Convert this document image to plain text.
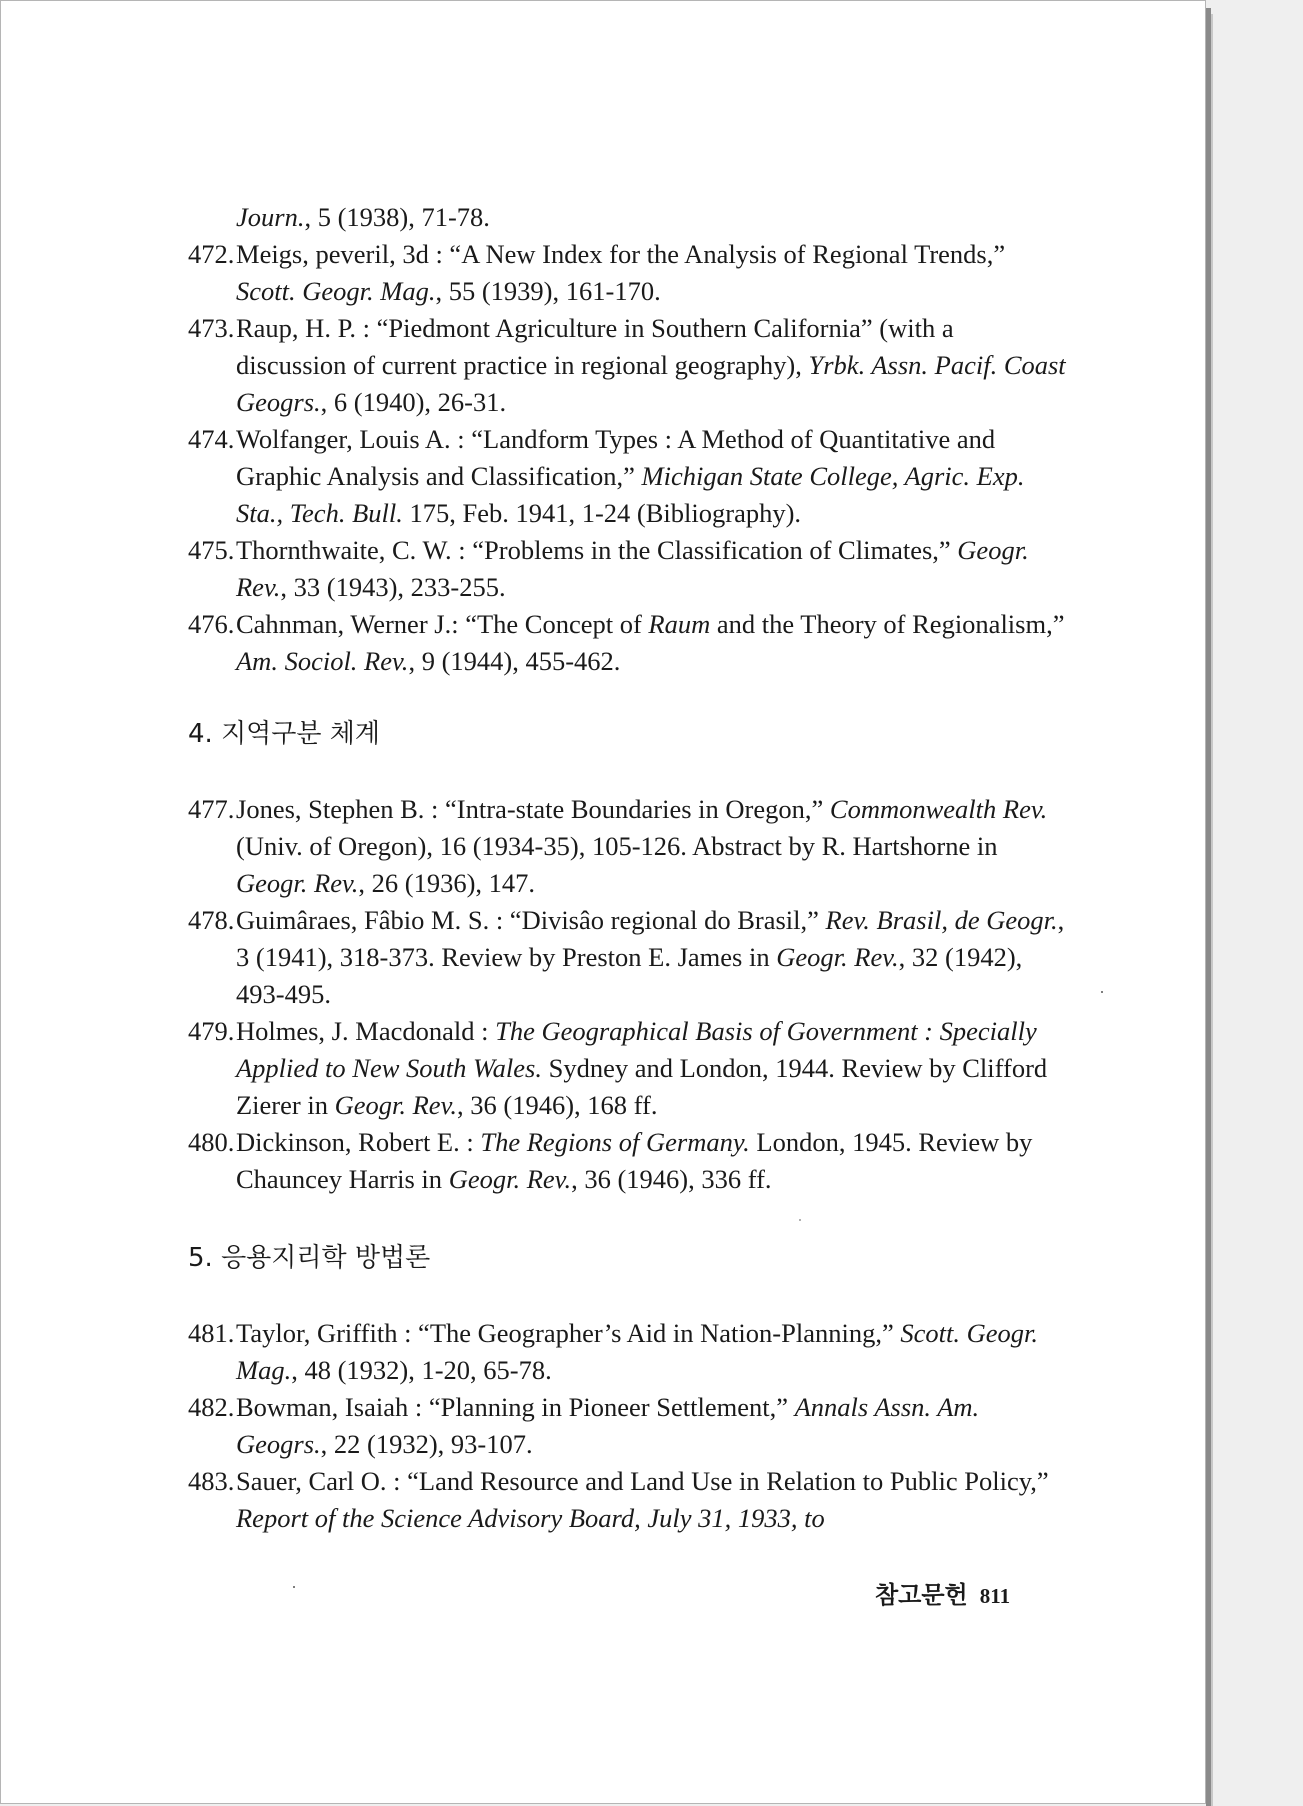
Journ., 5 (1938), 71-78.

472.Meigs, peveril, 3d : “A New Index for the Analysis of Regional Trends,” Scott. Geogr. Mag., 55 (1939), 161-170.

473.Raup, H. P. : “Piedmont Agriculture in Southern California” (with a discussion of current practice in regional geography), Yrbk. Assn. Pacif. Coast Geogrs., 6 (1940), 26-31.

474.Wolfanger, Louis A. : “Landform Types : A Method of Quantitative and Graphic Analysis and Classification,” Michigan State College, Agric. Exp. Sta., Tech. Bull. 175, Feb. 1941, 1-24 (Bibliography).

475.Thornthwaite, C. W. : “Problems in the Classification of Climates,” Geogr. Rev., 33 (1943), 233-255.

476.Cahnman, Werner J.: “The Concept of Raum and the Theory of Regionalism,” Am. Sociol. Rev., 9 (1944), 455-462.

4. 지역구분 체계

477.Jones, Stephen B. : “Intra-state Boundaries in Oregon,” Commonwealth Rev. (Univ. of Oregon), 16 (1934-35), 105-126. Abstract by R. Hartshorne in Geogr. Rev., 26 (1936), 147.

478.Guimâraes, Fâbio M. S. : “Divisâo regional do Brasil,” Rev. Brasil, de Geogr., 3 (1941), 318-373. Review by Preston E. James in Geogr. Rev., 32 (1942), 493-495.

479.Holmes, J. Macdonald : The Geographical Basis of Government : Specially Applied to New South Wales. Sydney and London, 1944. Review by Clifford Zierer in Geogr. Rev., 36 (1946), 168 ff.

480.Dickinson, Robert E. : The Regions of Germany. London, 1945. Review by Chauncey Harris in Geogr. Rev., 36 (1946), 336 ff.

5. 응용지리학 방법론

481.Taylor, Griffith : “The Geographer’s Aid in Nation-Planning,” Scott. Geogr. Mag., 48 (1932), 1-20, 65-78.

482.Bowman, Isaiah : “Planning in Pioneer Settlement,” Annals Assn. Am. Geogrs., 22 (1932), 93-107.

483.Sauer, Carl O. : “Land Resource and Land Use in Relation to Public Policy,” Report of the Science Advisory Board, July 31, 1933, to

참고문헌 811
